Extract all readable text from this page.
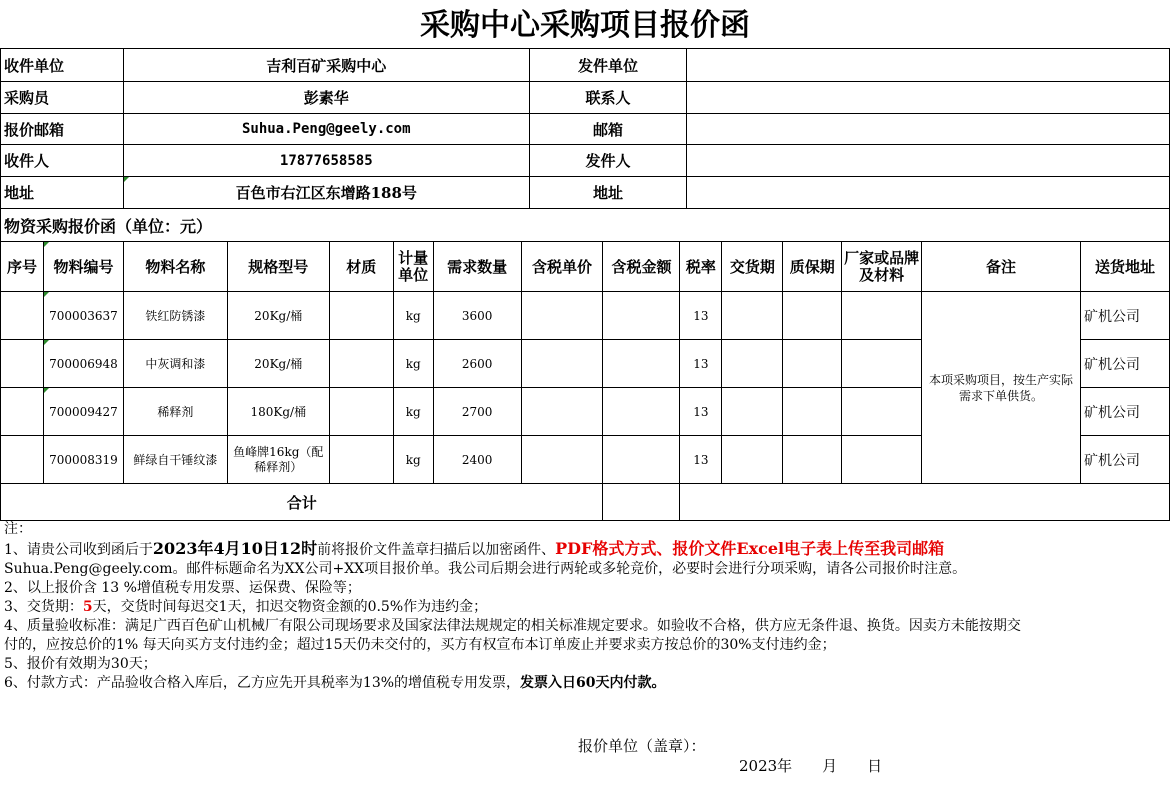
采购中心采购项目报价函
收件单位	吉利百矿采购中心	发件单位	
采购员	彭素华	联系人	
报价邮箱	Suhua.Peng@geely.com	邮箱	
收件人	17877658585	发件人	
地址	百色市右江区东增路188号	地址	
物资采购报价函（单位：元）			
序号	物料编号	物料名称	规格型号	材质	计量单位	需求数量	含税单价	含税金额	税率	交货期	质保期	厂家或品牌及材料	备注	送货地址
	700003637	铁红防锈漆	20Kg/桶		kg	3600			13				本项采购项目，按生产实际需求下单供货。	矿机公司
	700006948	中灰调和漆	20Kg/桶		kg	2600			13					矿机公司
	700009427	稀释剂	180Kg/桶		kg	2700			13					矿机公司
	700008319	鲜绿自干锤纹漆	鱼峰牌16kg（配稀释剂）		kg	2400			13					矿机公司
合计														
注：
1、请贵公司收到函后于2023年4月10日12时前将报价文件盖章扫描后以加密函件、PDF格式方式、报价文件Excel电子表上传至我司邮箱
Suhua.Peng@geely.com。邮件标题命名为XX公司+XX项目报价单。我公司后期会进行两轮或多轮竞价，必要时会进行分项采购，请各公司报价时注意。
2、以上报价含 13 %增值税专用发票、运保费、保险等；
3、交货期：5天，交货时间每迟交1天，扣迟交物资金额的0.5%作为违约金；
4、质量验收标准：满足广西百色矿山机械厂有限公司现场要求及国家法律法规规定的相关标准规定要求。如验收不合格，供方应无条件退、换货。因卖方未能按期交
付的，应按总价的1% 每天向买方支付违约金；超过15天仍未交付的，买方有权宣布本订单废止并要求卖方按总价的30%支付违约金；
5、报价有效期为30天；
6、付款方式：产品验收合格入库后，乙方应先开具税率为13%的增值税专用发票，发票入日60天内付款。
报价单位（盖章）：
2023年　　月　　日
